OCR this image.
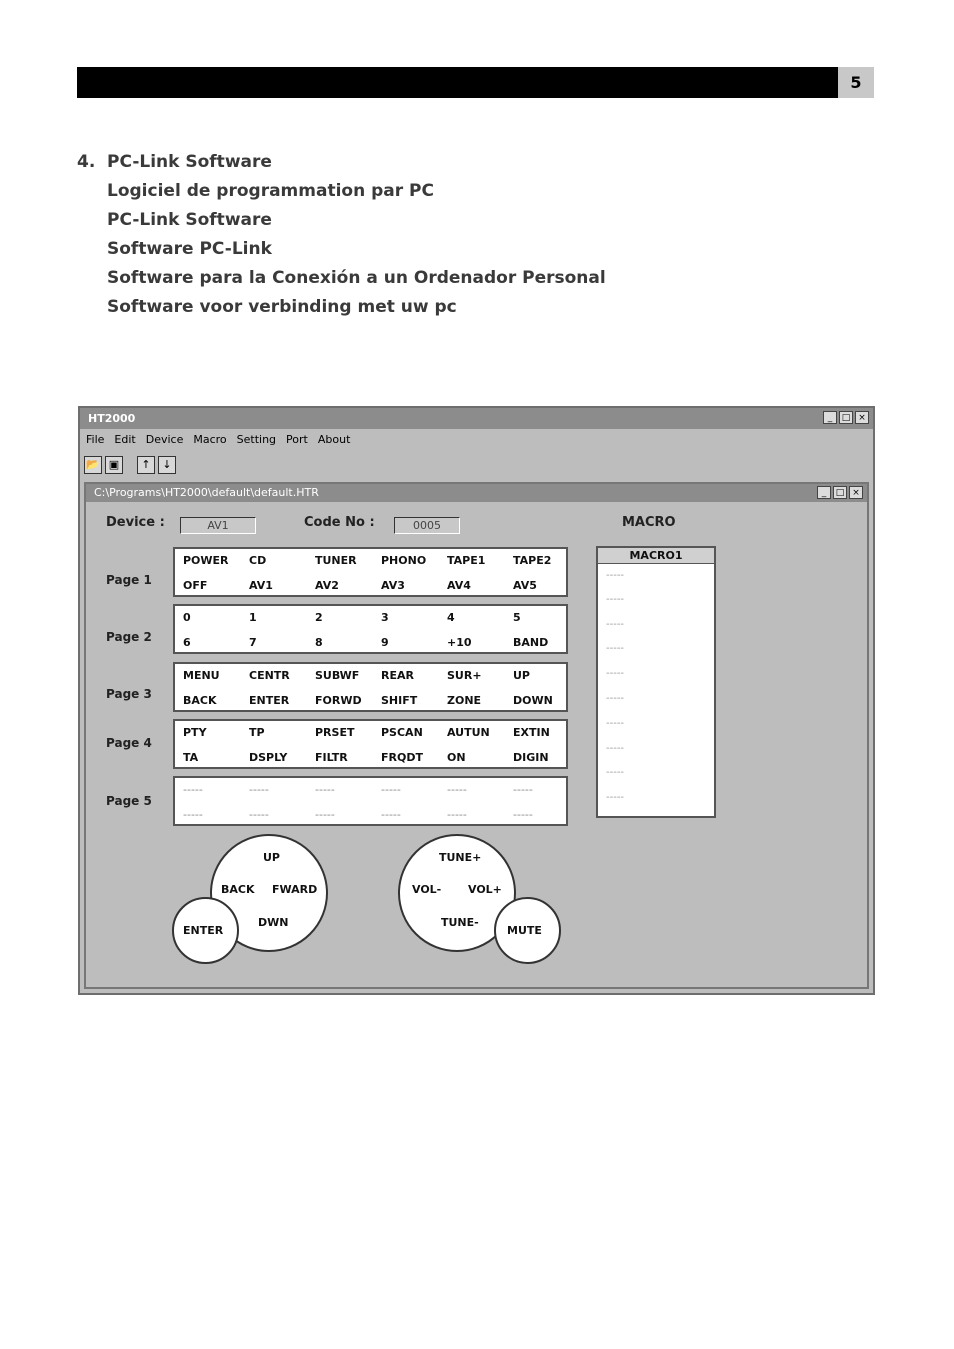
5
4. PC-Link Software
Logiciel de programmation par PC
PC-Link Software
Software PC-Link
Software para la Conexión a un Ordenador Personal
Software voor verbinding met uw pc
HT2000	_	□ ×
File Edit Device Macro Setting Port About
📂 ▣	↑	↓
C:\Programs\HT2000\default\default.HTR	_	□ ×
Device :	AV1	Code No :	0005	MACRO
Page 1
POWER	CD	TUNER	PHONO	TAPE1	TAPE2
OFF	AV1	AV2	AV3	AV4	AV5
Page 2
0	1	2	3	4	5
6	7	8	9	+10	BAND
Page 3
MENU	CENTR	SUBWF	REAR	SUR+	UP
BACK	ENTER	FORWD	SHIFT	ZONE	DOWN
Page 4
PTY	TP	PRSET	PSCAN	AUTUN	EXTIN
TA	DSPLY	FILTR	FRQDT	ON	DIGIN
Page 5
-----	-----	-----	-----	-----	-----
-----	-----	-----	-----	-----	-----
MACRO1
-----
-----
-----
-----
-----
-----
-----
-----
-----
-----
UP
BACK FWARD
DWN
ENTER
TUNE+
VOL- VOL+
TUNE-
MUTE
